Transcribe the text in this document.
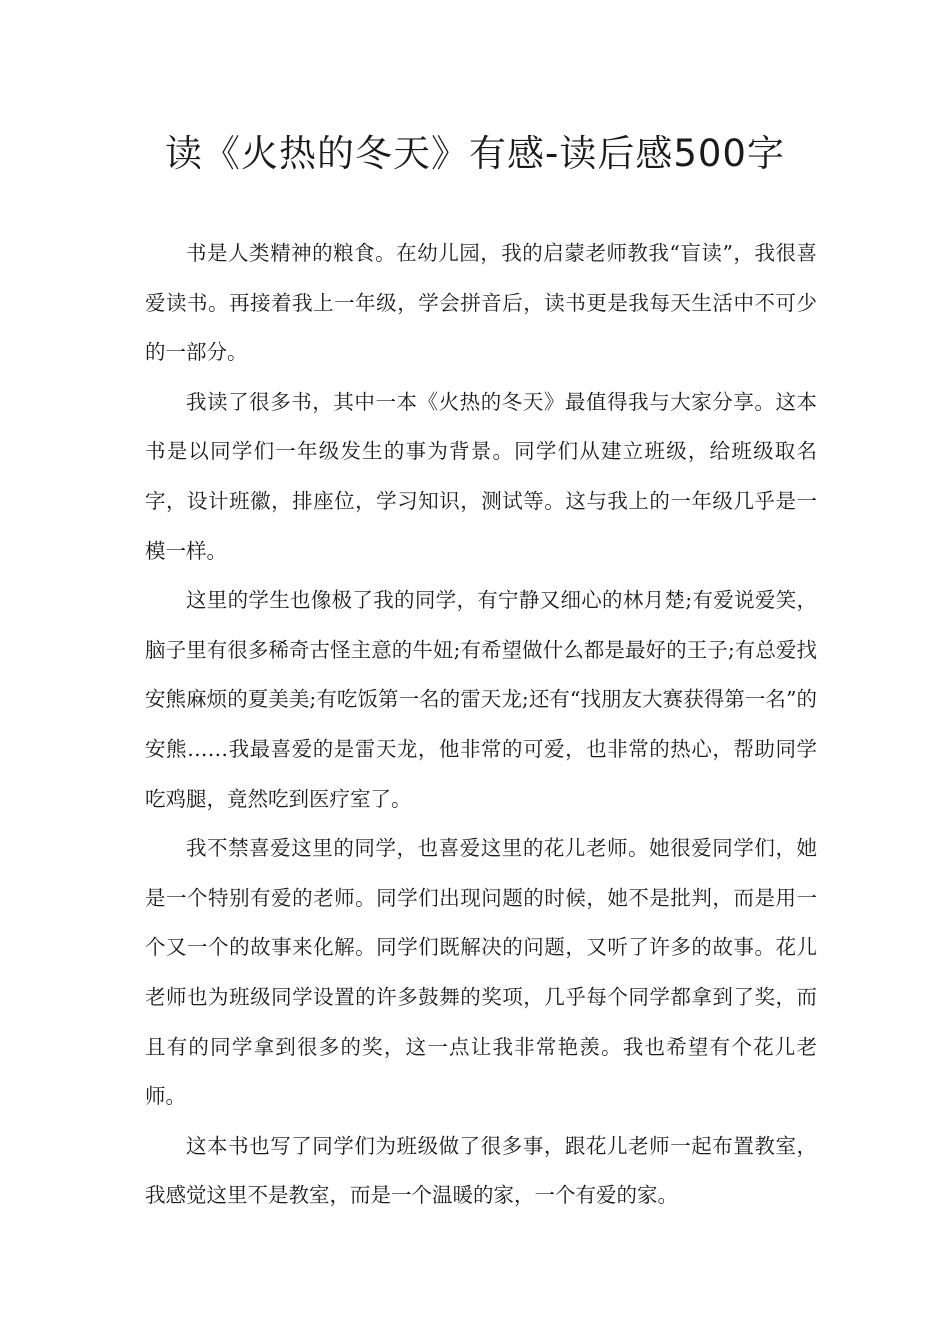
读《火热的冬天》有感-读后感500字

书是人类精神的粮食。在幼儿园，我的启蒙老师教我“盲读”，我很喜爱读书。再接着我上一年级，学会拼音后，读书更是我每天生活中不可少的一部分。

我读了很多书，其中一本《火热的冬天》最值得我与大家分享。这本书是以同学们一年级发生的事为背景。同学们从建立班级，给班级取名字，设计班徽，排座位，学习知识，测试等。这与我上的一年级几乎是一模一样。

这里的学生也像极了我的同学，有宁静又细心的林月楚;有爱说爱笑，脑子里有很多稀奇古怪主意的牛妞;有希望做什么都是最好的王子;有总爱找安熊麻烦的夏美美;有吃饭第一名的雷天龙;还有“找朋友大赛获得第一名”的安熊……我最喜爱的是雷天龙，他非常的可爱，也非常的热心，帮助同学吃鸡腿，竟然吃到医疗室了。

我不禁喜爱这里的同学，也喜爱这里的花儿老师。她很爱同学们，她是一个特别有爱的老师。同学们出现问题的时候，她不是批判，而是用一个又一个的故事来化解。同学们既解决的问题，又听了许多的故事。花儿老师也为班级同学设置的许多鼓舞的奖项，几乎每个同学都拿到了奖，而且有的同学拿到很多的奖，这一点让我非常艳羡。我也希望有个花儿老师。

这本书也写了同学们为班级做了很多事，跟花儿老师一起布置教室，我感觉这里不是教室，而是一个温暖的家，一个有爱的家。
